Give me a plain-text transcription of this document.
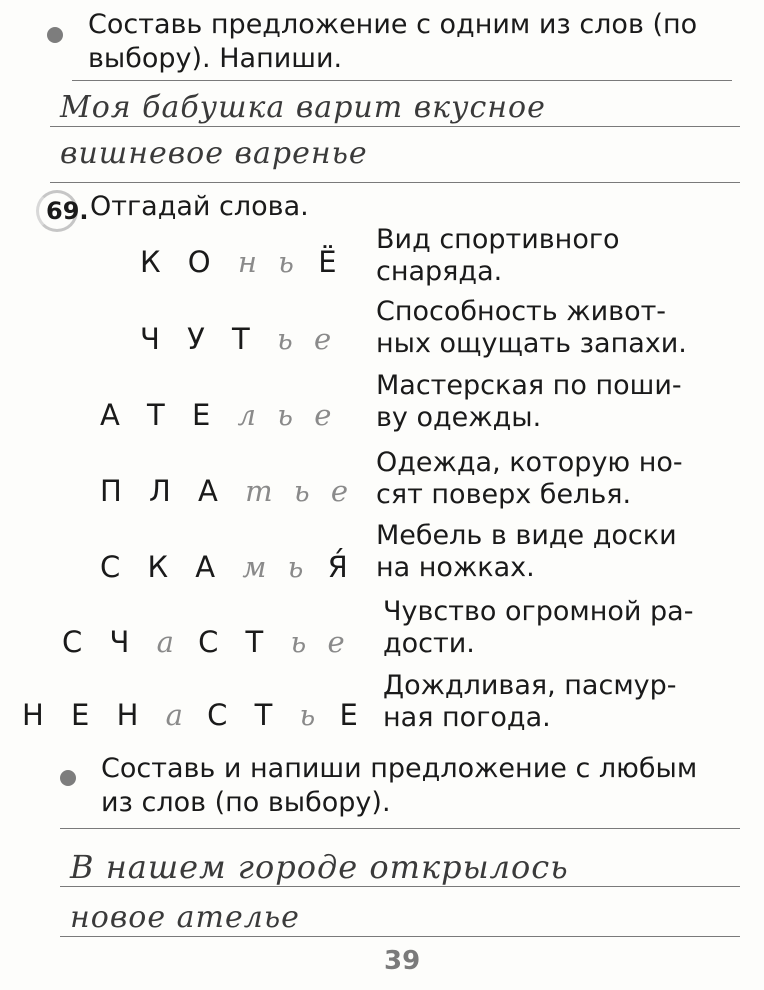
Составь предложение с одним из слов (по
выбору). Напиши.
Моя бабушка варит вкусное
вишневое варенье
69. Отгадай слова.
К О н ь Ё
Вид спортивного
снаряда.
Ч У Т ь е
Способность живот-
ных ощущать запахи.
А Т Е л ь е
Мастерская по поши-
ву одежды.
П Л А т ь е
Одежда, которую но-
сят поверх белья.
С К А м ь Я́
Мебель в виде доски
на ножках.
С Ч а С Т ь е
Чувство огромной ра-
дости.
Н Е Н а С Т ь Е
Дождливая, пасмур-
ная погода.
Составь и напиши предложение с любым
из слов (по выбору).
В нашем городе открылось
новое ателье
39
